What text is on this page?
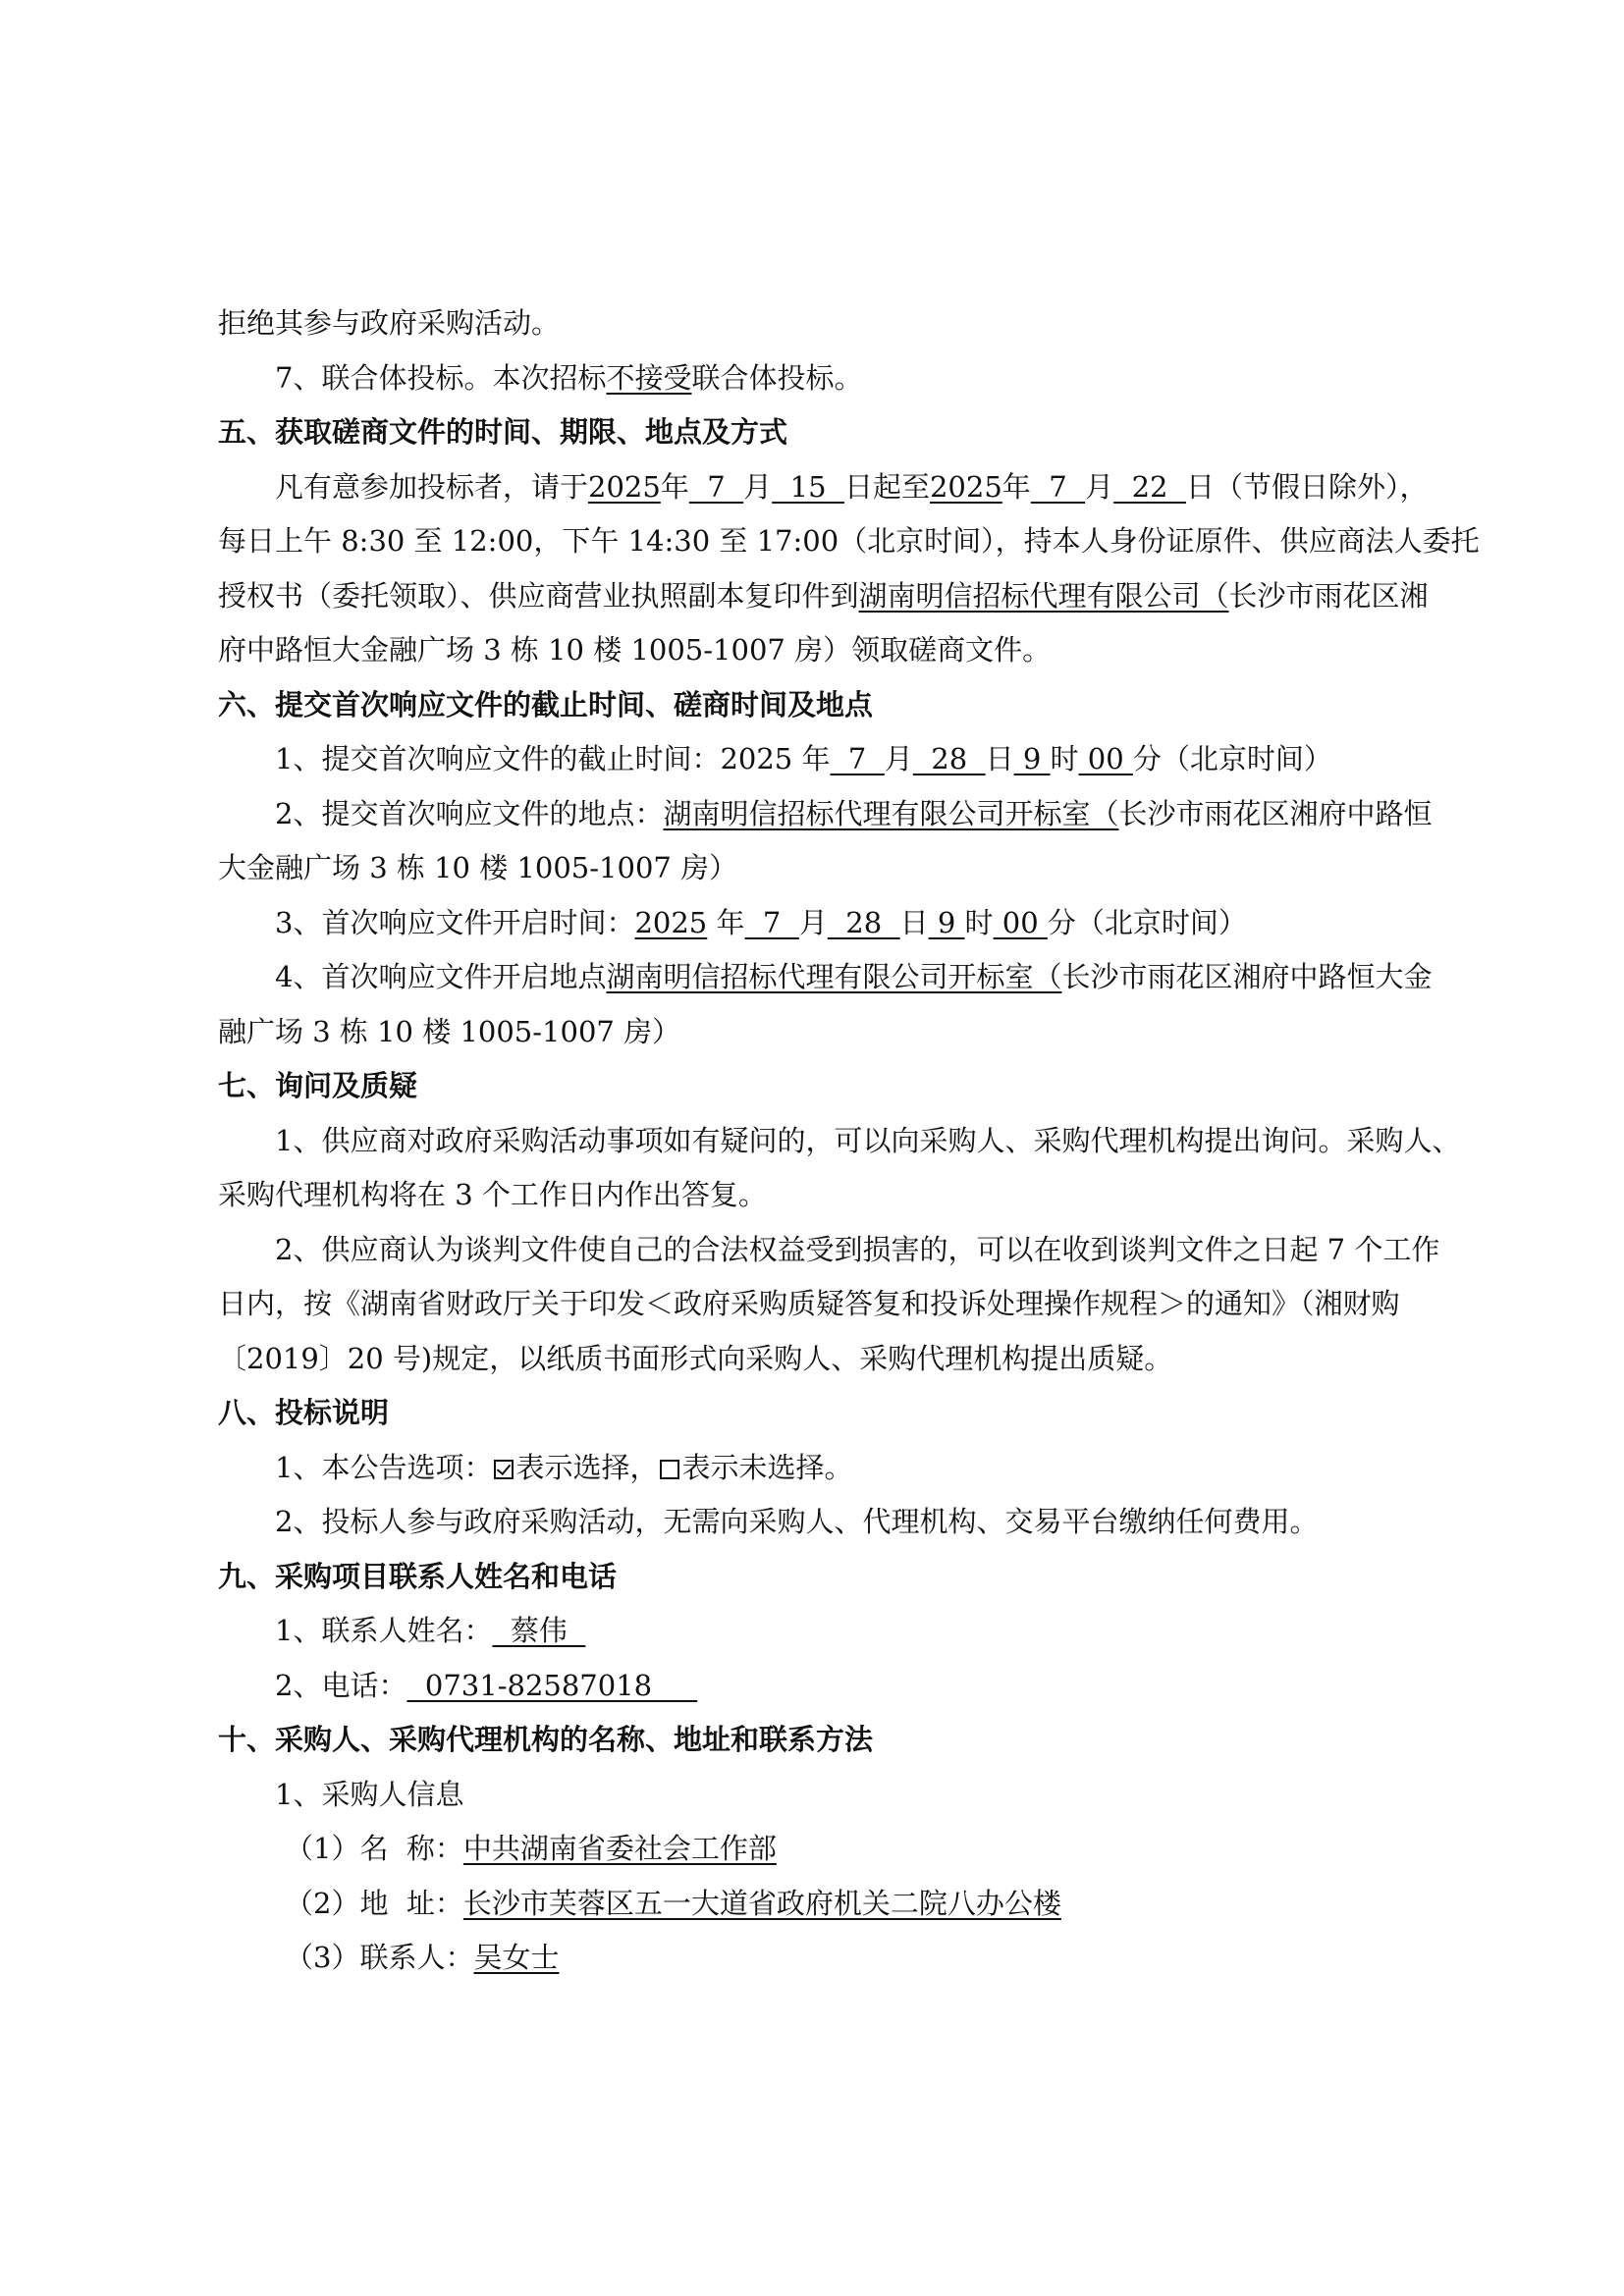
拒绝其参与政府采购活动。

7、联合体投标。本次招标不接受联合体投标。

五、获取磋商文件的时间、期限、地点及方式

凡有意参加投标者，请于2025年  7  月  15  日起至2025年  7  月  22  日（节假日除外），

每日上午 8:30 至 12:00，下午 14:30 至 17:00（北京时间），持本人身份证原件、供应商法人委托

授权书（委托领取）、供应商营业执照副本复印件到湖南明信招标代理有限公司（长沙市雨花区湘

府中路恒大金融广场 3 栋 10 楼 1005-1007 房）领取磋商文件。

六、提交首次响应文件的截止时间、磋商时间及地点

1、提交首次响应文件的截止时间：2025 年  7  月  28  日 9 时 00 分（北京时间）

2、提交首次响应文件的地点：湖南明信招标代理有限公司开标室（长沙市雨花区湘府中路恒

大金融广场 3 栋 10 楼 1005-1007 房）

3、首次响应文件开启时间：2025 年  7  月  28  日 9 时 00 分（北京时间）

4、首次响应文件开启地点湖南明信招标代理有限公司开标室（长沙市雨花区湘府中路恒大金

融广场 3 栋 10 楼 1005-1007 房）

七、询问及质疑

1、供应商对政府采购活动事项如有疑问的，可以向采购人、采购代理机构提出询问。采购人、

采购代理机构将在 3 个工作日内作出答复。

2、供应商认为谈判文件使自己的合法权益受到损害的，可以在收到谈判文件之日起 7 个工作

日内，按《湖南省财政厅关于印发＜政府采购质疑答复和投诉处理操作规程＞的通知》（湘财购

〔2019〕20 号)规定，以纸质书面形式向采购人、采购代理机构提出质疑。

八、投标说明

1、本公告选项： 表示选择， 表示未选择。

2、投标人参与政府采购活动，无需向采购人、代理机构、交易平台缴纳任何费用。

九、采购项目联系人姓名和电话

1、联系人姓名：  蔡伟

2、电话：  0731-82587018

十、采购人、采购代理机构的名称、地址和联系方法

1、采购人信息

（1）名  称：中共湖南省委社会工作部

（2）地  址：长沙市芙蓉区五一大道省政府机关二院八办公楼

（3）联系人：吴女士
